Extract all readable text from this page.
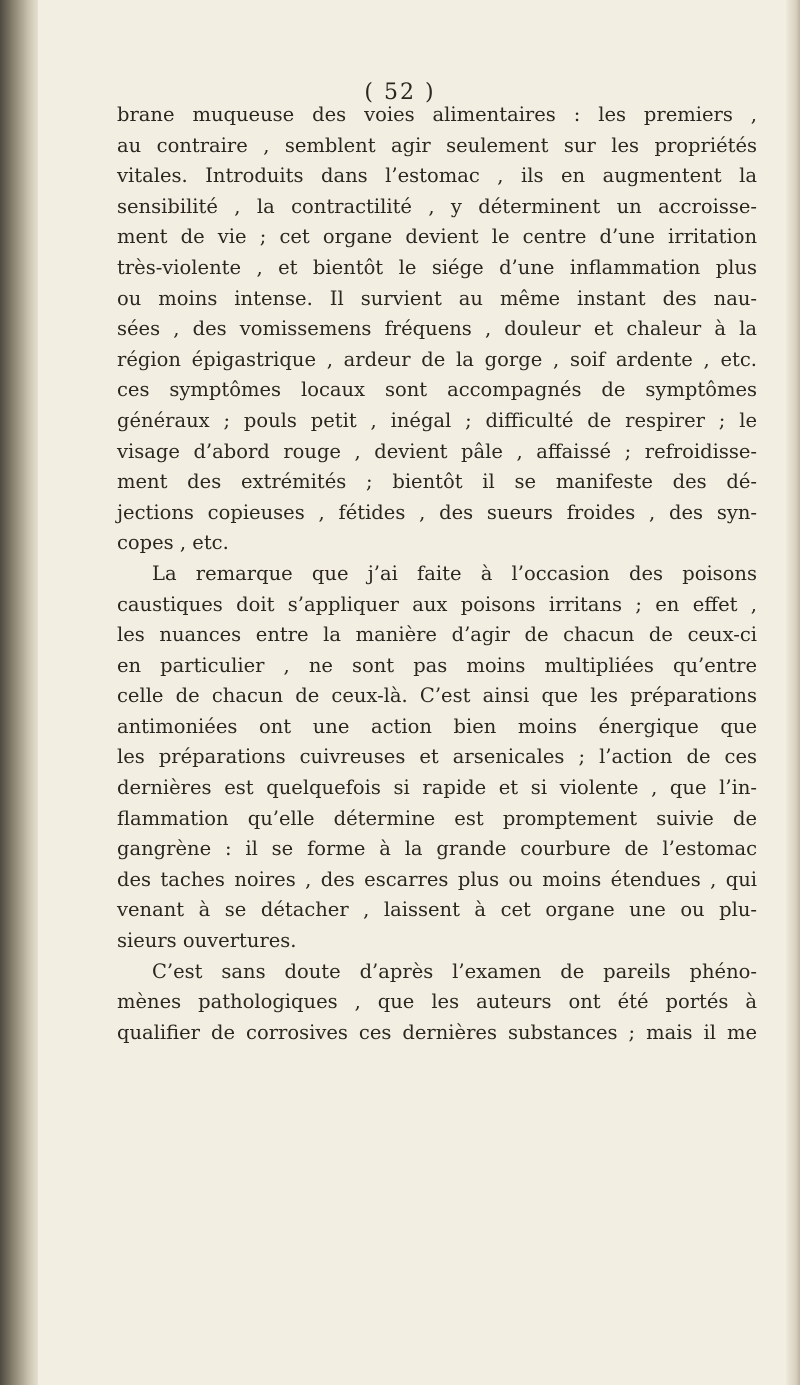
( 52 )
brane muqueuse des voies alimentaires : les premiers ,
au contraire , semblent agir seulement sur les propriétés
vitales. Introduits dans l’estomac , ils en augmentent la
sensibilité , la contractilité , y déterminent un accroisse-
ment de vie ; cet organe devient le centre d’une irritation
très-violente , et bientôt le siége d’une inflammation plus
ou moins intense. Il survient au même instant des nau-
sées , des vomissemens fréquens , douleur et chaleur à la
région épigastrique , ardeur de la gorge , soif ardente , etc.
ces symptômes locaux sont accompagnés de symptômes
généraux ; pouls petit , inégal ; difficulté de respirer ; le
visage d’abord rouge , devient pâle , affaissé ; refroidisse-
ment des extrémités ; bientôt il se manifeste des dé-
jections copieuses , fétides , des sueurs froides , des syn-
copes , etc.
La remarque que j’ai faite à l’occasion des poisons
caustiques doit s’appliquer aux poisons irritans ; en effet ,
les nuances entre la manière d’agir de chacun de ceux-ci
en particulier , ne sont pas moins multipliées qu’entre
celle de chacun de ceux-là. C’est ainsi que les préparations
antimoniées ont une action bien moins énergique que
les préparations cuivreuses et arsenicales ; l’action de ces
dernières est quelquefois si rapide et si violente , que l’in-
flammation qu’elle détermine est promptement suivie de
gangrène : il se forme à la grande courbure de l’estomac
des taches noires , des escarres plus ou moins étendues , qui
venant à se détacher , laissent à cet organe une ou plu-
sieurs ouvertures.
C’est sans doute d’après l’examen de pareils phéno-
mènes pathologiques , que les auteurs ont été portés à
qualifier de corrosives ces dernières substances ; mais il me
